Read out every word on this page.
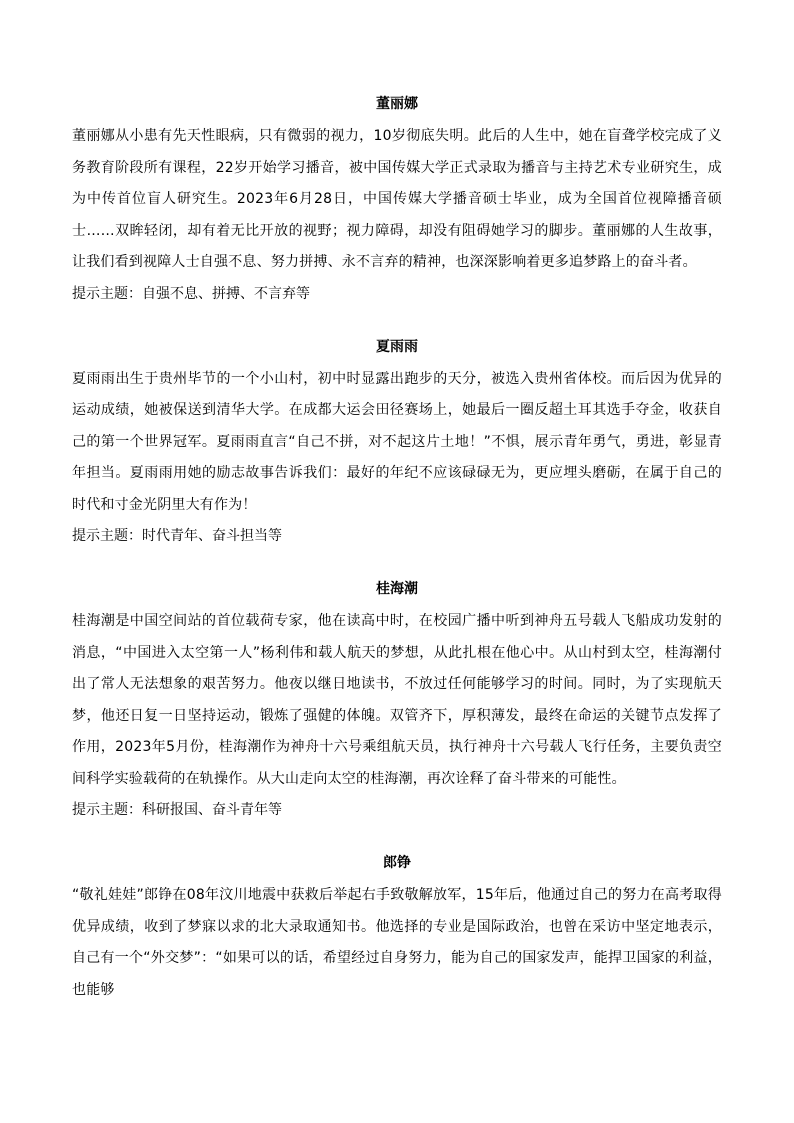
董丽娜

董丽娜从小患有先天性眼病，只有微弱的视力，10岁彻底失明。此后的人生中，她在盲聋学校完成了义务教育阶段所有课程，22岁开始学习播音，被中国传媒大学正式录取为播音与主持艺术专业研究生，成为中传首位盲人研究生。2023年6月28日，中国传媒大学播音硕士毕业，成为全国首位视障播音硕士……双眸轻闭，却有着无比开放的视野；视力障碍，却没有阻碍她学习的脚步。董丽娜的人生故事，让我们看到视障人士自强不息、努力拼搏、永不言弃的精神，也深深影响着更多追梦路上的奋斗者。

提示主题：自强不息、拼搏、不言弃等

夏雨雨

夏雨雨出生于贵州毕节的一个小山村，初中时显露出跑步的天分，被选入贵州省体校。而后因为优异的运动成绩，她被保送到清华大学。在成都大运会田径赛场上，她最后一圈反超土耳其选手夺金，收获自己的第一个世界冠军。夏雨雨直言“自己不拼，对不起这片土地！”不惧，展示青年勇气，勇进，彰显青年担当。夏雨雨用她的励志故事告诉我们：最好的年纪不应该碌碌无为，更应埋头磨砺，在属于自己的时代和寸金光阴里大有作为！

提示主题：时代青年、奋斗担当等

桂海潮

桂海潮是中国空间站的首位载荷专家，他在读高中时，在校园广播中听到神舟五号载人飞船成功发射的消息，“中国进入太空第一人”杨利伟和载人航天的梦想，从此扎根在他心中。从山村到太空，桂海潮付出了常人无法想象的艰苦努力。他夜以继日地读书，不放过任何能够学习的时间。同时，为了实现航天梦，他还日复一日坚持运动，锻炼了强健的体魄。双管齐下，厚积薄发，最终在命运的关键节点发挥了作用，2023年5月份，桂海潮作为神舟十六号乘组航天员，执行神舟十六号载人飞行任务，主要负责空间科学实验载荷的在轨操作。从大山走向太空的桂海潮，再次诠释了奋斗带来的可能性。

提示主题：科研报国、奋斗青年等

郎铮

“敬礼娃娃”郎铮在08年汶川地震中获救后举起右手致敬解放军，15年后，他通过自己的努力在高考取得优异成绩，收到了梦寐以求的北大录取通知书。他选择的专业是国际政治，也曾在采访中坚定地表示，自己有一个“外交梦”：“如果可以的话，希望经过自身努力，能为自己的国家发声，能捍卫国家的利益，也能够
